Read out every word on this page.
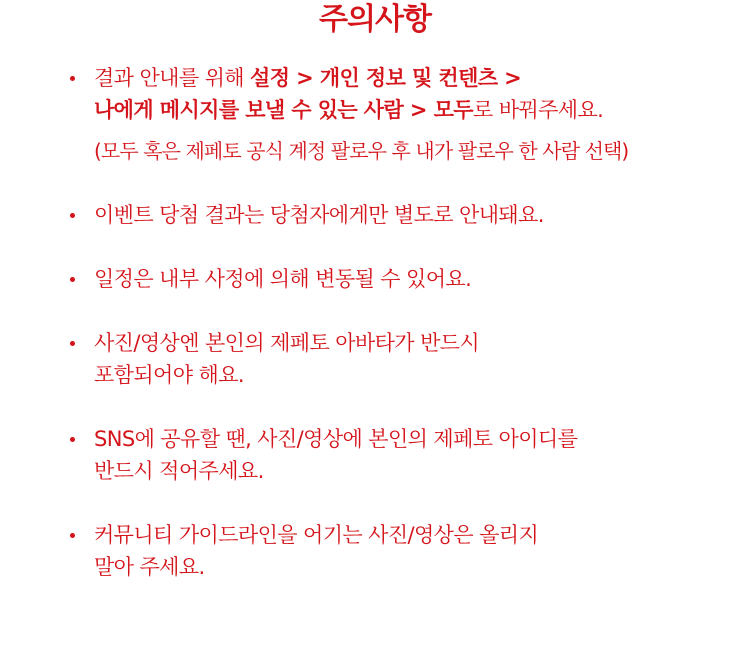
주의사항
결과 안내를 위해 설정 > 개인 정보 및 컨텐츠 >
나에게 메시지를 보낼 수 있는 사람 > 모두로 바꿔주세요.
(모두 혹은 제페토 공식 계정 팔로우 후 내가 팔로우 한 사람 선택)
이벤트 당첨 결과는 당첨자에게만 별도로 안내돼요.
일정은 내부 사정에 의해 변동될 수 있어요.
사진/영상엔 본인의 제페토 아바타가 반드시
포함되어야 해요.
SNS에 공유할 땐, 사진/영상에 본인의 제페토 아이디를
반드시 적어주세요.
커뮤니티 가이드라인을 어기는 사진/영상은 올리지
말아 주세요.
